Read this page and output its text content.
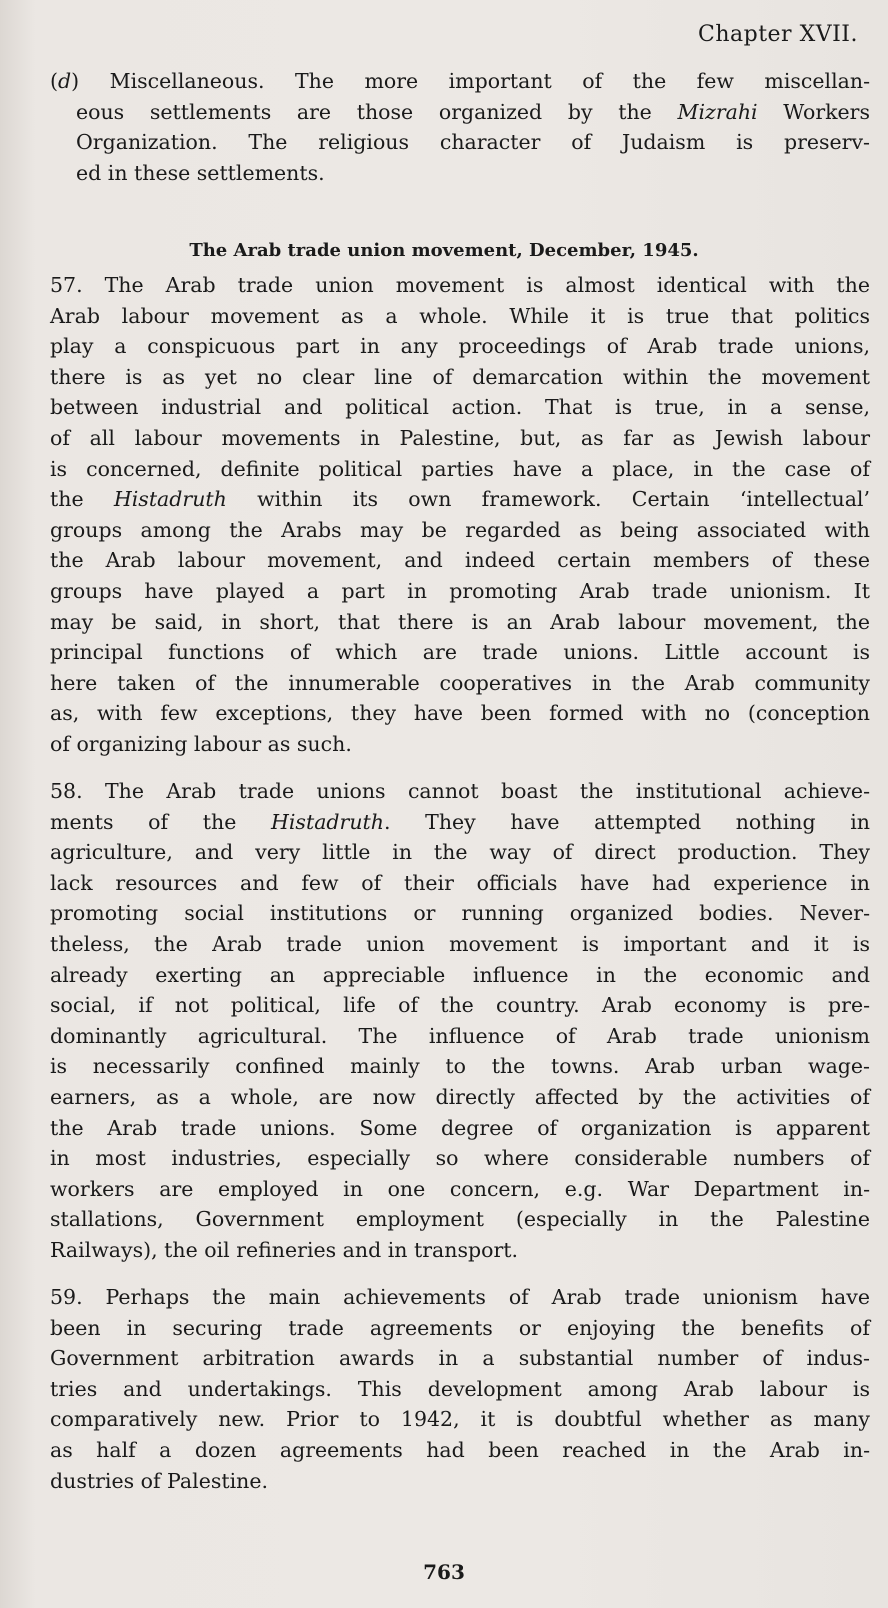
Chapter XVII.
(d) Miscellaneous. The more important of the few miscellan-
eous settlements are those organized by the Mizrahi Workers
Organization. The religious character of Judaism is preserv-
ed in these settlements.
The Arab trade union movement, December, 1945.
57. The Arab trade union movement is almost identical with the
Arab labour movement as a whole. While it is true that politics
play a conspicuous part in any proceedings of Arab trade unions,
there is as yet no clear line of demarcation within the movement
between industrial and political action. That is true, in a sense,
of all labour movements in Palestine, but, as far as Jewish labour
is concerned, definite political parties have a place, in the case of
the Histadruth within its own framework. Certain ‘intellectual’
groups among the Arabs may be regarded as being associated with
the Arab labour movement, and indeed certain members of these
groups have played a part in promoting Arab trade unionism. It
may be said, in short, that there is an Arab labour movement, the
principal functions of which are trade unions. Little account is
here taken of the innumerable cooperatives in the Arab community
as, with few exceptions, they have been formed with no (conception
of organizing labour as such.
58. The Arab trade unions cannot boast the institutional achieve-
ments of the Histadruth. They have attempted nothing in
agriculture, and very little in the way of direct production. They
lack resources and few of their officials have had experience in
promoting social institutions or running organized bodies. Never-
theless, the Arab trade union movement is important and it is
already exerting an appreciable influence in the economic and
social, if not political, life of the country. Arab economy is pre-
dominantly agricultural. The influence of Arab trade unionism
is necessarily confined mainly to the towns. Arab urban wage-
earners, as a whole, are now directly affected by the activities of
the Arab trade unions. Some degree of organization is apparent
in most industries, especially so where considerable numbers of
workers are employed in one concern, e.g. War Department in-
stallations, Government employment (especially in the Palestine
Railways), the oil refineries and in transport.
59. Perhaps the main achievements of Arab trade unionism have
been in securing trade agreements or enjoying the benefits of
Government arbitration awards in a substantial number of indus-
tries and undertakings. This development among Arab labour is
comparatively new. Prior to 1942, it is doubtful whether as many
as half a dozen agreements had been reached in the Arab in-
dustries of Palestine.
763
